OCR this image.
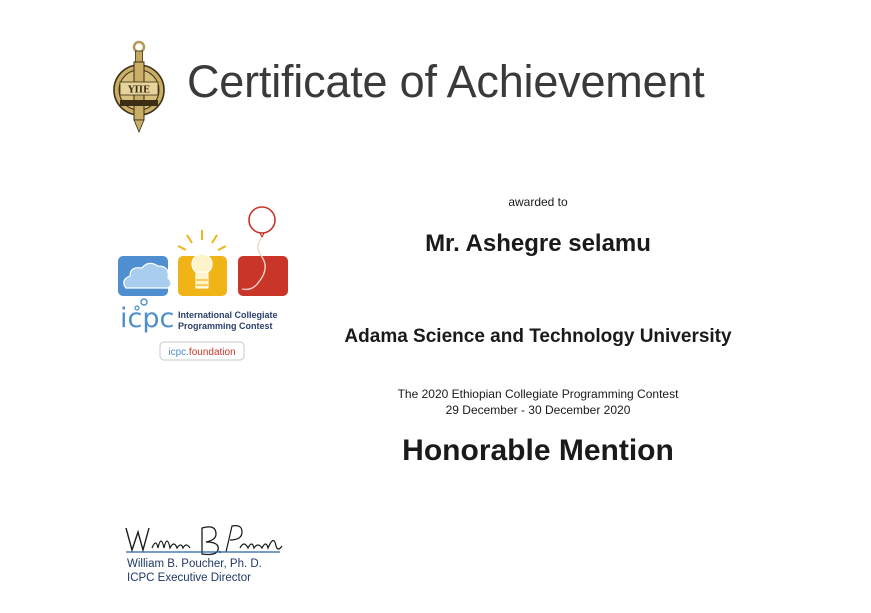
ΥΠΕ Certificate of Achievement
icpc International Collegiate
Programming Contest
icpc.foundation
awarded to
Mr. Ashegre selamu
Adama Science and Technology University
The 2020 Ethiopian Collegiate Programming Contest
29 December - 30 December 2020
Honorable Mention
William B. Poucher, Ph. D.
ICPC Executive Director
